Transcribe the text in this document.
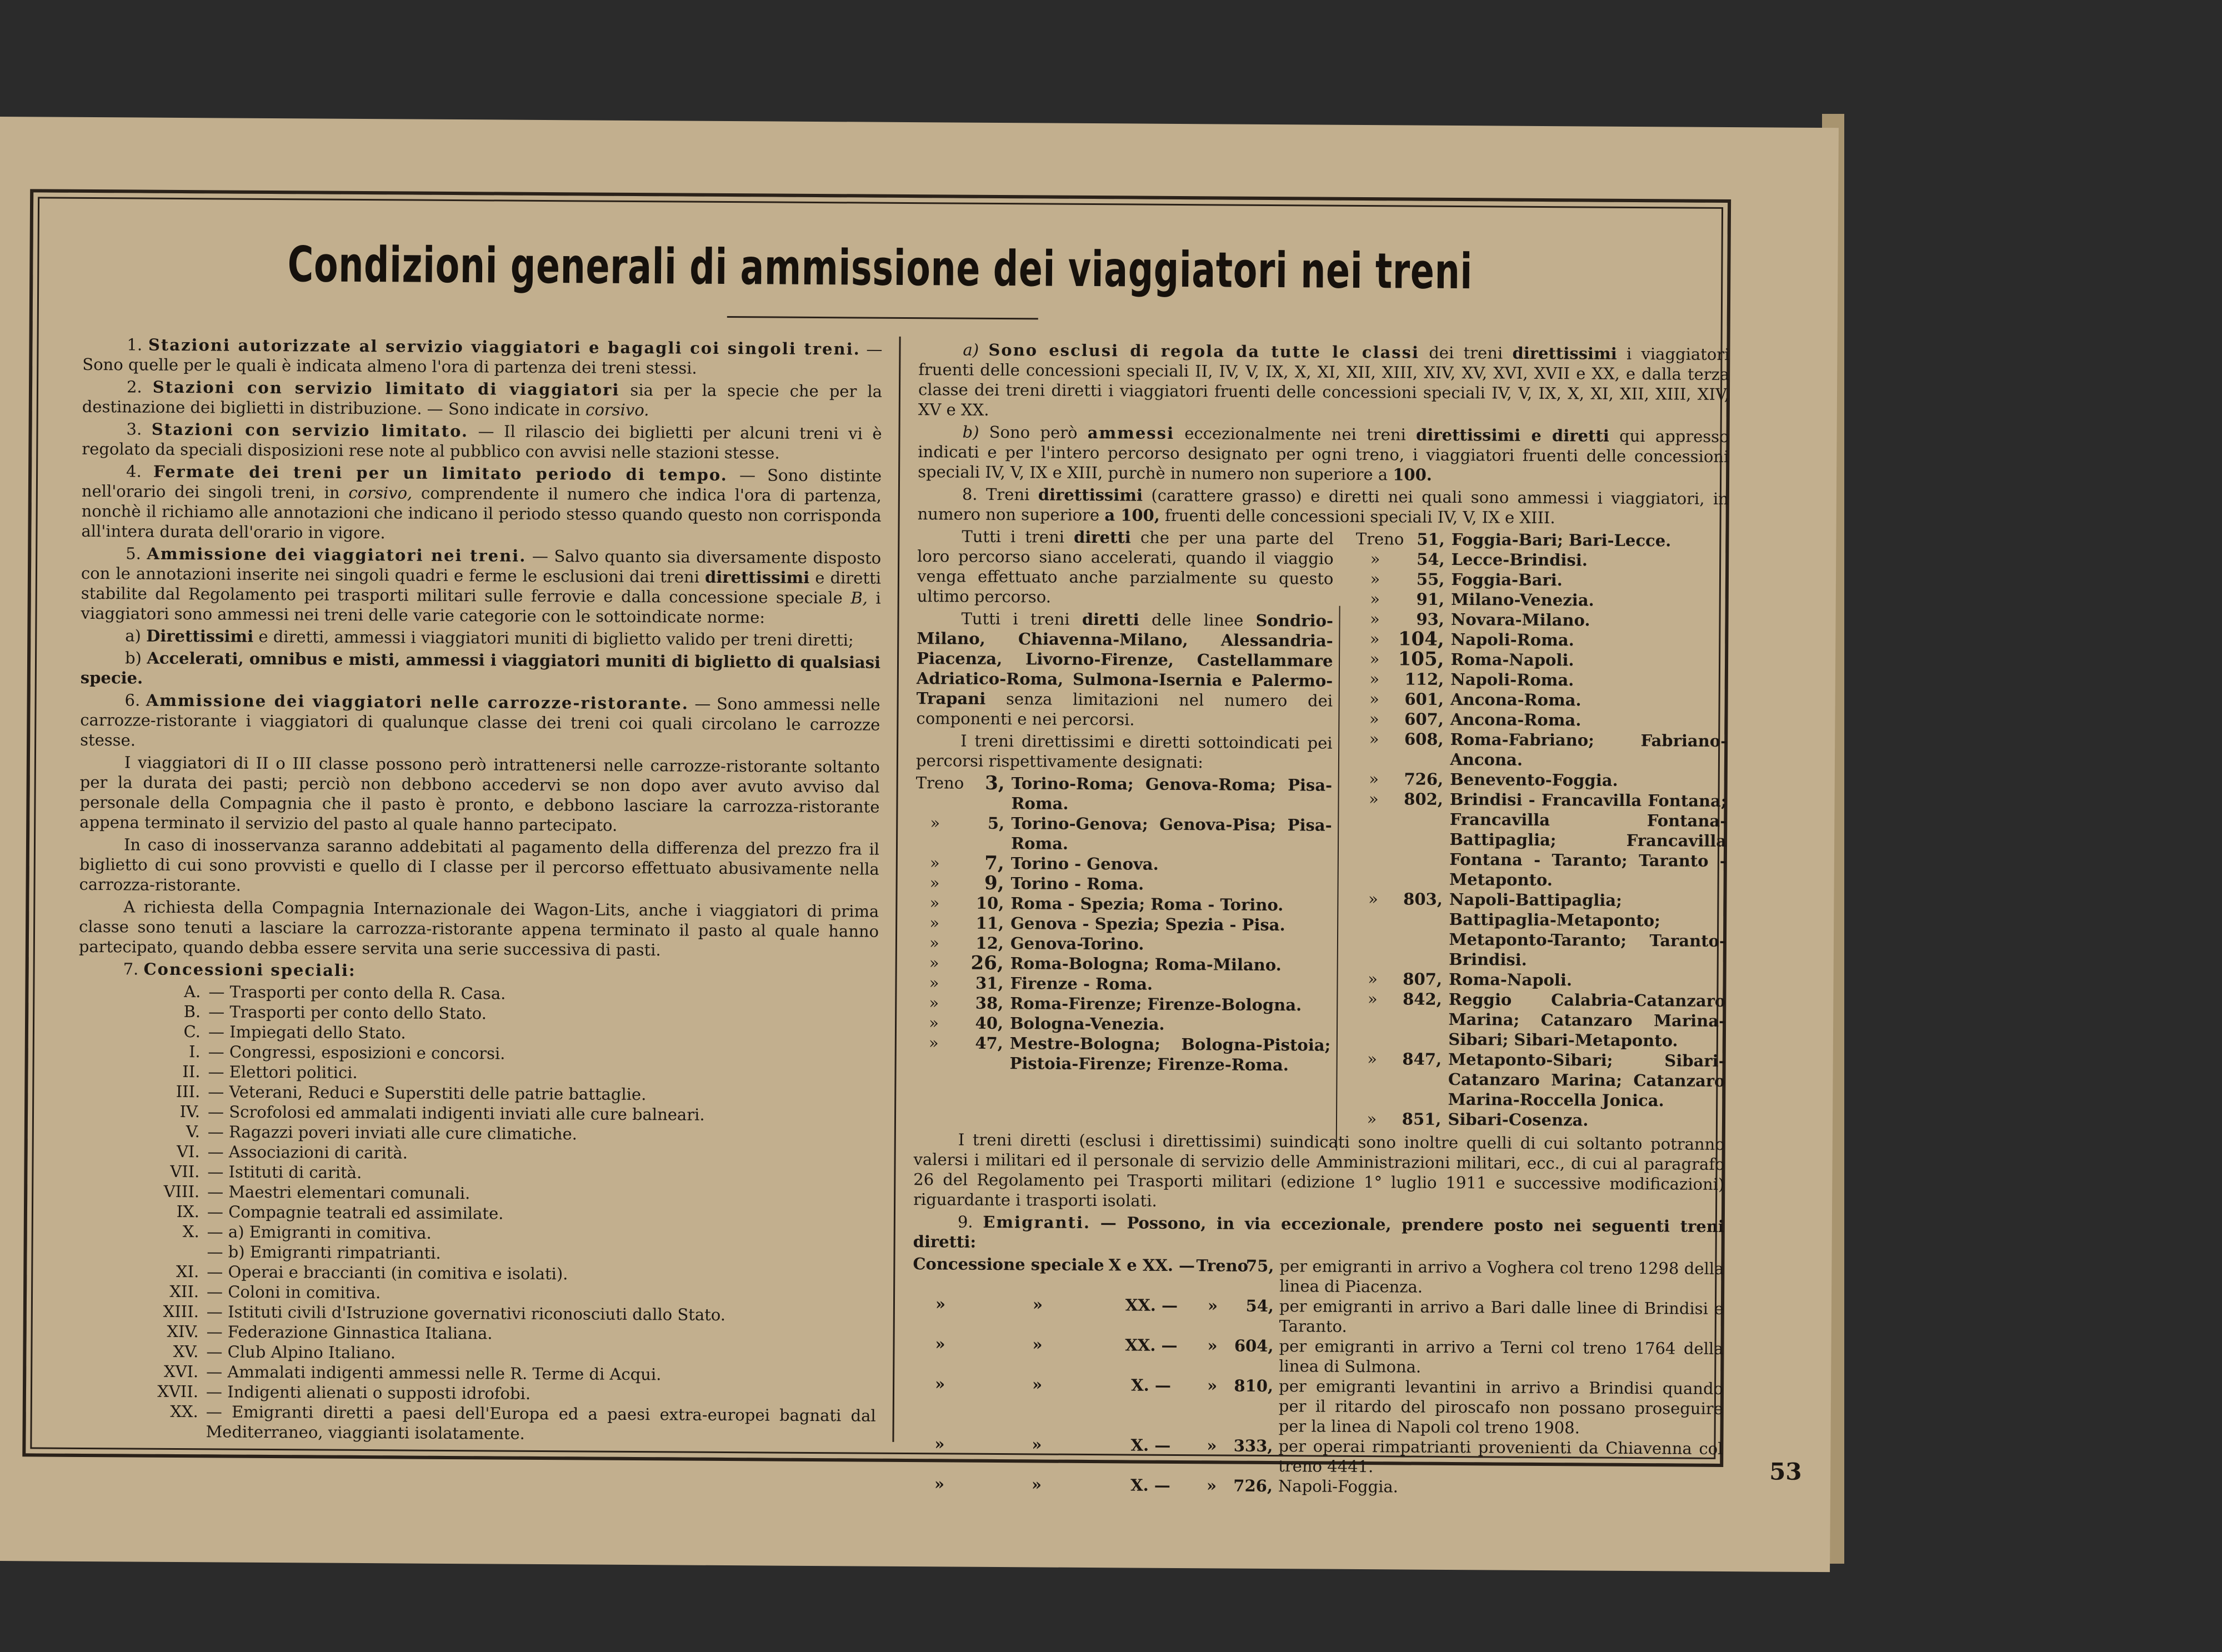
Condizioni generali di ammissione dei viaggiatori nei treni

1. Stazioni autorizzate al servizio viaggiatori e bagagli coi singoli treni. — Sono quelle per le quali è indicata almeno l'ora di partenza dei treni stessi.

2. Stazioni con servizio limitato di viaggiatori sia per la specie che per la destinazione dei biglietti in distribuzione. — Sono indicate in corsivo.

3. Stazioni con servizio limitato. — Il rilascio dei biglietti per alcuni treni vi è regolato da speciali disposizioni rese note al pubblico con avvisi nelle stazioni stesse.

4. Fermate dei treni per un limitato periodo di tempo. — Sono distinte nell'orario dei singoli treni, in corsivo, comprendente il numero che indica l'ora di partenza, nonchè il richiamo alle annotazioni che indicano il periodo stesso quando questo non corrisponda all'intera durata dell'orario in vigore.

5. Ammissione dei viaggiatori nei treni. — Salvo quanto sia diversamente disposto con le annotazioni inserite nei singoli quadri e ferme le esclusioni dai treni direttissimi e diretti stabilite dal Regolamento pei trasporti militari sulle ferrovie e dalla concessione speciale B, i viaggiatori sono ammessi nei treni delle varie categorie con le sottoindicate norme:

a) Direttissimi e diretti, ammessi i viaggiatori muniti di biglietto valido per treni diretti;

b) Accelerati, omnibus e misti, ammessi i viaggiatori muniti di biglietto di qualsiasi specie.

6. Ammissione dei viaggiatori nelle carrozze-ristorante. — Sono ammessi nelle carrozze-ristorante i viaggiatori di qualunque classe dei treni coi quali circolano le carrozze stesse.

I viaggiatori di II o III classe possono però intrattenersi nelle carrozze-ristorante soltanto per la durata dei pasti; perciò non debbono accedervi se non dopo aver avuto avviso dal personale della Compagnia che il pasto è pronto, e debbono lasciare la carrozza-ristorante appena terminato il servizio del pasto al quale hanno partecipato.

In caso di inosservanza saranno addebitati al pagamento della differenza del prezzo fra il biglietto di cui sono provvisti e quello di I classe per il percorso effettuato abusivamente nella carrozza-ristorante.

A richiesta della Compagnia Internazionale dei Wagon-Lits, anche i viaggiatori di prima classe sono tenuti a lasciare la carrozza-ristorante appena terminato il pasto al quale hanno partecipato, quando debba essere servita una serie successiva di pasti.

7. Concessioni speciali:

A. — Trasporti per conto della R. Casa.
B. — Trasporti per conto dello Stato.
C. — Impiegati dello Stato.
I. — Congressi, esposizioni e concorsi.
II. — Elettori politici.
III. — Veterani, Reduci e Superstiti delle patrie battaglie.
IV. — Scrofolosi ed ammalati indigenti inviati alle cure balneari.
V. — Ragazzi poveri inviati alle cure climatiche.
VI. — Associazioni di carità.
VII. — Istituti di carità.
VIII. — Maestri elementari comunali.
IX. — Compagnie teatrali ed assimilate.
X. — a) Emigranti in comitiva.
— b) Emigranti rimpatrianti.
XI. — Operai e braccianti (in comitiva e isolati).
XII. — Coloni in comitiva.
XIII. — Istituti civili d'Istruzione governativi riconosciuti dallo Stato.
XIV. — Federazione Ginnastica Italiana.
XV. — Club Alpino Italiano.
XVI. — Ammalati indigenti ammessi nelle R. Terme di Acqui.
XVII. — Indigenti alienati o supposti idrofobi.
XX. — Emigranti diretti a paesi dell'Europa ed a paesi extra-europei bagnati dal Mediterraneo, viaggianti isolatamente.

a) Sono esclusi di regola da tutte le classi dei treni direttissimi i viaggiatori fruenti delle concessioni speciali II, IV, V, IX, X, XI, XII, XIII, XIV, XV, XVI, XVII e XX, e dalla terza classe dei treni diretti i viaggiatori fruenti delle concessioni speciali IV, V, IX, X, XI, XII, XIII, XIV, XV e XX.

b) Sono però ammessi eccezionalmente nei treni direttissimi e diretti qui appresso indicati e per l'intero percorso designato per ogni treno, i viaggiatori fruenti delle concessioni speciali IV, V, IX e XIII, purchè in numero non superiore a 100.

8. Treni direttissimi (carattere grasso) e diretti nei quali sono ammessi i viaggiatori, in numero non superiore a 100, fruenti delle concessioni speciali IV, V, IX e XIII.

Tutti i treni diretti che per una parte del loro percorso siano accelerati, quando il viaggio venga effettuato anche parzialmente su questo ultimo percorso.

Tutti i treni diretti delle linee Sondrio-Milano, Chiavenna-Milano, Alessandria-Piacenza, Livorno-Firenze, Castellammare Adriatico-Roma, Sulmona-Isernia e Palermo-Trapani senza limitazioni nel numero dei componenti e nei percorsi.

I treni direttissimi e diretti sottoindicati pei percorsi rispettivamente designati:

Treno	3, Torino-Roma; Genova-Roma; Pisa-Roma.
»	5, Torino-Genova; Genova-Pisa; Pisa-Roma.
»	7, Torino - Genova.
»	9, Torino - Roma.
»	10, Roma - Spezia; Roma - Torino.
»	11, Genova - Spezia; Spezia - Pisa.
»	12, Genova-Torino.
»	26, Roma-Bologna; Roma-Milano.
»	31, Firenze - Roma.
»	38, Roma-Firenze; Firenze-Bologna.
»	40, Bologna-Venezia.
»	47, Mestre-Bologna; Bologna-Pistoia; Pistoia-Firenze; Firenze-Roma.
Treno 51, Foggia-Bari; Bari-Lecce.
»	54, Lecce-Brindisi.
»	55, Foggia-Bari.
»	91, Milano-Venezia.
»	93, Novara-Milano.
» 104, Napoli-Roma.
» 105, Roma-Napoli.
»	112, Napoli-Roma.
»	601, Ancona-Roma.
»	607, Ancona-Roma.
»	608, Roma-Fabriano; Fabriano-Ancona.
»	726, Benevento-Foggia.
»	802, Brindisi - Francavilla Fontana; Francavilla Fontana-Battipaglia; Francavilla Fontana - Taranto; Taranto - Metaponto.
»	803, Napoli-Battipaglia; Battipaglia-Metaponto; Metaponto-Taranto; Taranto-Brindisi.
»	807, Roma-Napoli.
»	842, Reggio Calabria-Catanzaro Marina; Catanzaro Marina-Sibari; Sibari-Metaponto.
»	847, Metaponto-Sibari; Sibari-Catanzaro Marina; Catanzaro Marina-Roccella Jonica.
»	851, Sibari-Cosenza.

I treni diretti (esclusi i direttissimi) suindicati sono inoltre quelli di cui soltanto potranno valersi i militari ed il personale di servizio delle Amministrazioni militari, ecc., di cui al paragrafo 26 del Regolamento pei Trasporti militari (edizione 1° luglio 1911 e successive modificazioni) riguardante i trasporti isolati.

9. Emigranti. — Possono, in via eccezionale, prendere posto nei seguenti treni diretti:

Concessione speciale X e XX. — Treno
75, per emigranti in arrivo a Voghera col treno 1298 della linea di Piacenza.
»	»	XX. —	»	54, per emigranti in arrivo a Bari dalle linee di Brindisi e Taranto.
»	»	XX. —	»	604, per emigranti in arrivo a Terni col treno 1764 della linea di Sulmona.
»	»	X. —	»	810, per emigranti levantini in arrivo a Brindisi quando per il ritardo del piroscafo non possano proseguire per la linea di Napoli col treno 1908.
»	»	X. —	»	333, per operai rimpatrianti provenienti da Chiavenna col treno 4441.
»	»	X. —	»	726, Napoli-Foggia.
53
